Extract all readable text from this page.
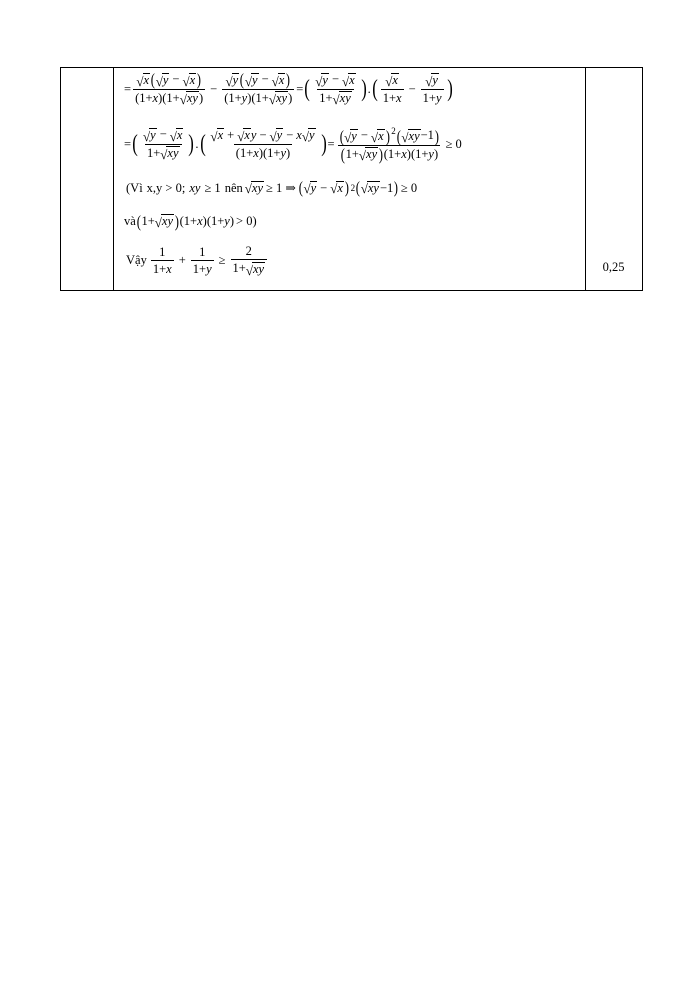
0,25
= $\frac{√ x ( √ y - √ x )}{(1+x)(1+ √ xy )} - \frac{√ y ( √ y - √ x )}{(1+y)(1+ √ xy )}$ = ( √ y − √ x
1+ √ xy ) . ( √ x
1+x
− $\frac{√ y}{1+y}$ )
= ( √ y − √ x
1+ √ xy ) . ( √ x + √ x y − √ y − x √ y
(1+x)(1+y) ) = $\frac{( √ y - √ x ) ^2( √ xy -1)}{(1+ √ xy )(1+x)(1+y)} \ge 0$
(Vì x,y > 0; xy ≥ 1 nên √ xy ≥ 1 ⇒ ( √ y − √ x ) 2 ( √ xy −1 ) ≥ 0
và ( 1+ √ xy ) (1+ x )(1+ y ) > 0)
Vậy
1
1+x
+ $\frac{1}{1+y} \ge \frac{2}{1+ √ xy}$
